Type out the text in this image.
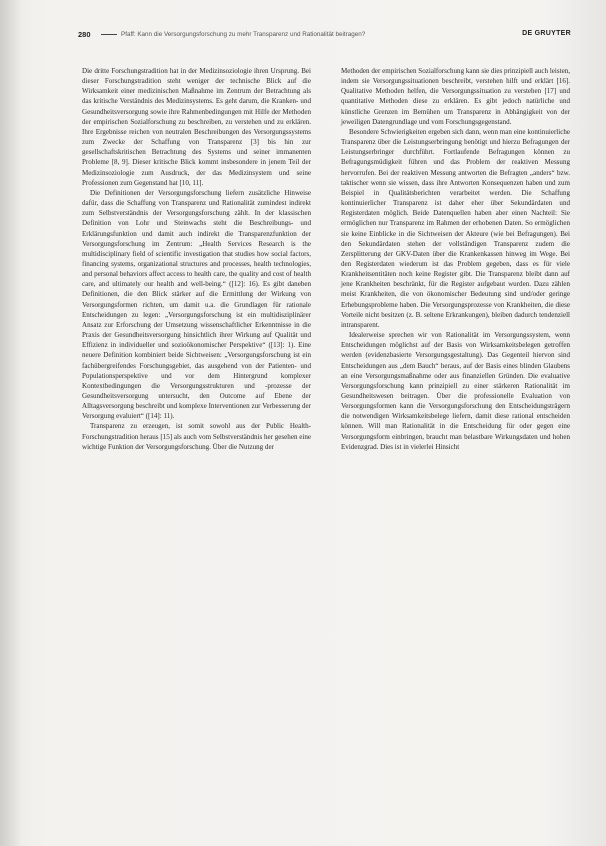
280	Pfaff: Kann die Versorgungsforschung zu mehr Transparenz und Rationalität beitragen?	DE GRUYTER

Die dritte Forschungstradition hat in der Medizinsoziologie ihren Ursprung. Bei dieser Forschungstradition steht weniger der technische Blick auf die Wirksamkeit einer medizinischen Maßnahme im Zentrum der Betrachtung als das kritische Verständnis des Medizinsystems. Es geht darum, die Kranken- und Gesundheitsversorgung sowie ihre Rahmenbedingungen mit Hilfe der Methoden der empirischen Sozialforschung zu beschreiben, zu verstehen und zu erklären. Ihre Ergebnisse reichen von neutralen Beschreibungen des Versorgungssystems zum Zwecke der Schaffung von Transparenz [3] bis hin zur gesellschaftskritischen Betrachtung des Systems und seiner immanenten Probleme [8, 9]. Dieser kritische Blick kommt insbesondere in jenem Teil der Medizinsoziologie zum Ausdruck, der das Medizinsystem und seine Professionen zum Gegenstand hat [10, 11].

Die Definitionen der Versorgungsforschung liefern zusätzliche Hinweise dafür, dass die Schaffung von Transparenz und Rationalität zumindest indirekt zum Selbstverständnis der Versorgungsforschung zählt. In der klassischen Definition von Lohr und Steinwachs steht die Beschreibungs- und Erklärungsfunktion und damit auch indirekt die Transparenzfunktion der Versorgungsforschung im Zentrum: „Health Services Research is the multidisciplinary field of scientific investigation that studies how social factors, financing systems, organizational structures and processes, health technologies, and personal behaviors affect access to health care, the quality and cost of health care, and ultimately our health and well-being.“ ([12]: 16). Es gibt daneben Definitionen, die den Blick stärker auf die Ermittlung der Wirkung von Versorgungsformen richten, um damit u.a. die Grundlagen für rationale Entscheidungen zu legen: „Versorgungsforschung ist ein multidisziplinärer Ansatz zur Erforschung der Umsetzung wissenschaftlicher Erkenntnisse in die Praxis der Gesundheitsversorgung hinsichtlich ihrer Wirkung auf Qualität und Effizienz in individueller und sozioökonomischer Perspektive“ ([13]: 1). Eine neuere Definition kombiniert beide Sichtweisen: „Versorgungsforschung ist ein fachübergreifendes Forschungsgebiet, das ausgehend von der Patienten- und Populationsperspektive und vor dem Hintergrund komplexer Kontextbedingungen die Versorgungsstrukturen und -prozesse der Gesundheitsversorgung untersucht, den Outcome auf Ebene der Alltagsversorgung beschreibt und komplexe Interventionen zur Verbesserung der Versorgung evaluiert“ ([14]: 11).

Transparenz zu erzeugen, ist somit sowohl aus der Public Health-Forschungstradition heraus [15] als auch vom Selbstverständnis her gesehen eine wichtige Funktion der Versorgungsforschung. Über die Nutzung der

Methoden der empirischen Sozialforschung kann sie dies prinzipiell auch leisten, indem sie Versorgungssituationen beschreibt, verstehen hilft und erklärt [16]. Qualitative Methoden helfen, die Versorgungssituation zu verstehen [17] und quantitative Methoden diese zu erklären. Es gibt jedoch natürliche und künstliche Grenzen im Bemühen um Transparenz in Abhängigkeit von der jeweiligen Datengrundlage und vom Forschungsgegenstand.

Besondere Schwierigkeiten ergeben sich dann, wenn man eine kontinuierliche Transparenz über die Leistungserbringung benötigt und hierzu Befragungen der Leistungserbringer durchführt. Fortlaufende Befragungen können zu Befragungsmüdigkeit führen und das Problem der reaktiven Messung hervorrufen. Bei der reaktiven Messung antworten die Befragten „anders“ bzw. taktischer wenn sie wissen, dass ihre Antworten Konsequenzen haben und zum Beispiel in Qualitätsberichten verarbeitet werden. Die Schaffung kontinuierlicher Transparenz ist daher eher über Sekundärdaten und Registerdaten möglich. Beide Datenquellen haben aber einen Nachteil: Sie ermöglichen nur Transparenz im Rahmen der erhobenen Daten. So ermöglichen sie keine Einblicke in die Sichtweisen der Akteure (wie bei Befragungen). Bei den Sekundärdaten stehen der vollständigen Transparenz zudem die Zersplitterung der GKV-Daten über die Krankenkassen hinweg im Wege. Bei den Registerdaten wiederum ist das Problem gegeben, dass es für viele Krankheitsentitäten noch keine Register gibt. Die Transparenz bleibt dann auf jene Krankheiten beschränkt, für die Register aufgebaut wurden. Dazu zählen meist Krankheiten, die von ökonomischer Bedeutung sind und/oder geringe Erhebungsprobleme haben. Die Versorgungsprozesse von Krankheiten, die diese Vorteile nicht besitzen (z. B. seltene Erkrankungen), bleiben dadurch tendenziell intransparent.

Idealerweise sprechen wir von Rationalität im Versorgungssystem, wenn Entscheidungen möglichst auf der Basis von Wirksamkeitsbelegen getroffen werden (evidenzbasierte Versorgungsgestaltung). Das Gegenteil hiervon sind Entscheidungen aus „dem Bauch“ heraus, auf der Basis eines blinden Glaubens an eine Versorgungsmaßnahme oder aus finanziellen Gründen. Die evaluative Versorgungsforschung kann prinzipiell zu einer stärkeren Rationalität im Gesundheitswesen beitragen. Über die professionelle Evaluation von Versorgungsformen kann die Versorgungsforschung den Entscheidungsträgern die notwendigen Wirksamkeitsbelege liefern, damit diese rational entscheiden können. Will man Rationalität in die Entscheidung für oder gegen eine Versorgungsform einbringen, braucht man belastbare Wirkungsdaten und hohen Evidenzgrad. Dies ist in vielerlei Hinsicht
